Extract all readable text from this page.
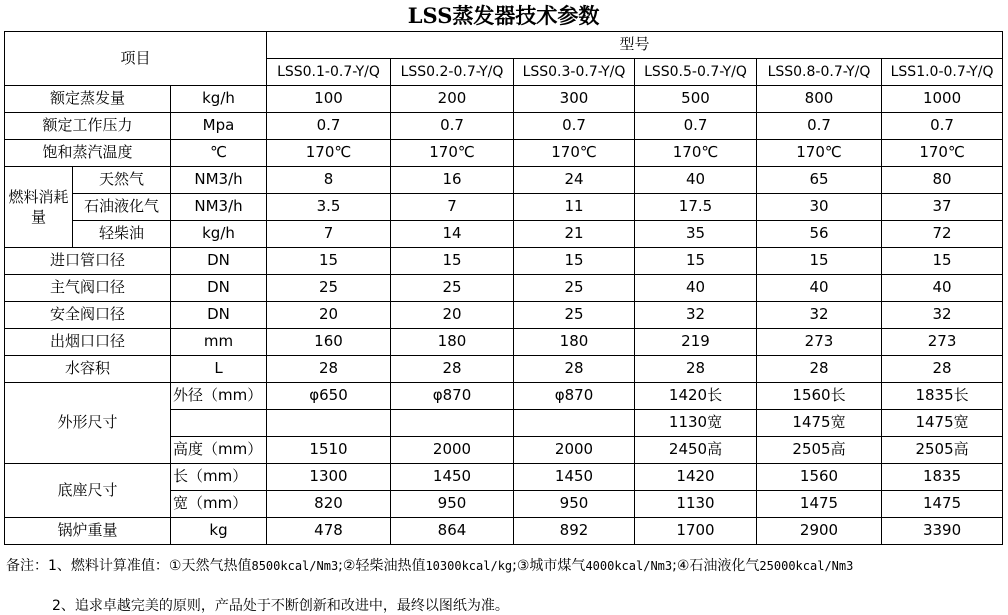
LSS蒸发器技术参数								
项目			型号					
			LSS0.1-0.7-Y/Q	LSS0.2-0.7-Y/Q	LSS0.3-0.7-Y/Q	LSS0.5-0.7-Y/Q	LSS0.8-0.7-Y/Q	LSS1.0-0.7-Y/Q
额定蒸发量		kg/h	100	200	300	500	800	1000
额定工作压力		Mpa	0.7	0.7	0.7	0.7	0.7	0.7
饱和蒸汽温度		℃	170℃	170℃	170℃	170℃	170℃	170℃
燃料消耗量	天然气	NM3/h	8	16	24	40	65	80
	石油液化气	NM3/h	3.5	7	11	17.5	30	37
	轻柴油	kg/h	7	14	21	35	56	72
进口管口径		DN	15	15	15	15	15	15
主气阀口径		DN	25	25	25	40	40	40
安全阀口径		DN	20	20	25	32	32	32
出烟口口径		mm	160	180	180	219	273	273
水容积		L	28	28	28	28	28	28
外形尺寸		外径（mm）	φ650	φ870	φ870	1420长	1560长	1835长
						1130宽	1475宽	1475宽
		高度（mm）	1510	2000	2000	2450高	2505高	2505高
底座尺寸		长（mm）	1300	1450	1450	1420	1560	1835
		宽（mm）	820	950	950	1130	1475	1475
锅炉重量		kg	478	864	892	1700	2900	3390
备注：1、燃料计算准值：①天然气热值8500kcal/Nm3;②轻柴油热值10300kcal/kg;③城市煤气4000kcal/Nm3;④石油液化气25000kcal/Nm3
2、追求卓越完美的原则，产品处于不断创新和改进中，最终以图纸为准。
